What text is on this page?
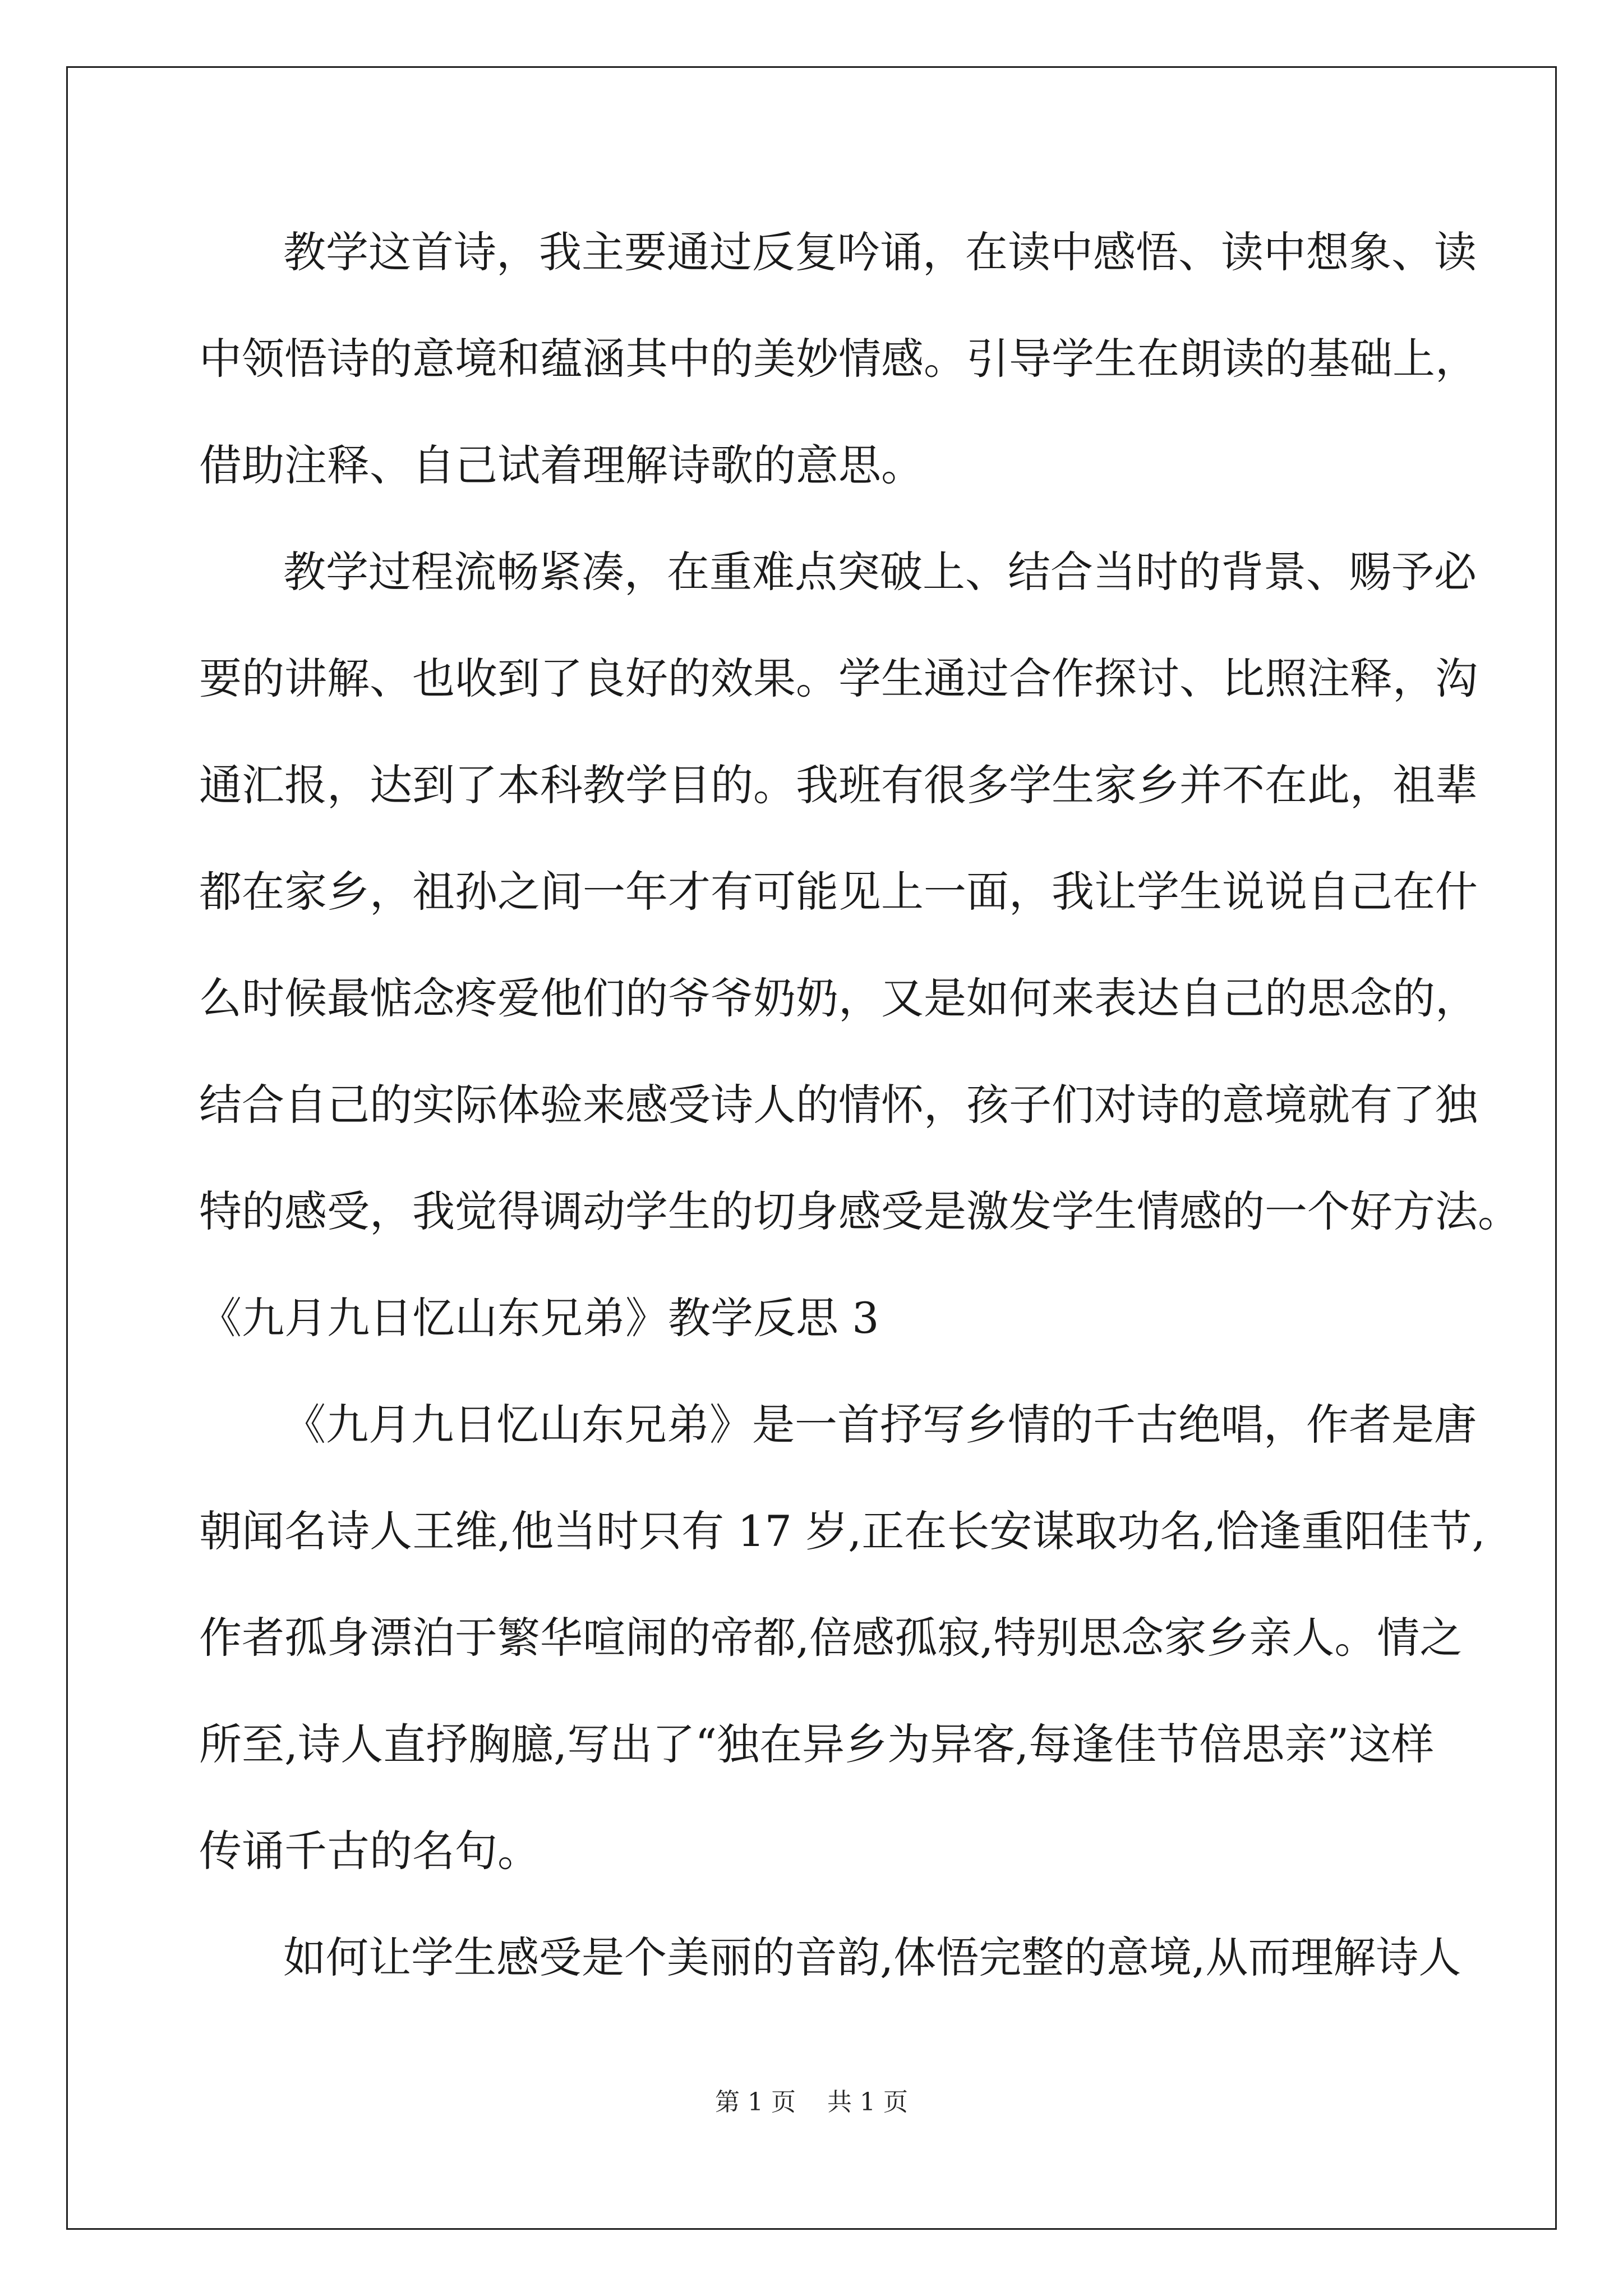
教学这首诗，我主要通过反复吟诵，在读中感悟、读中想象、读
中领悟诗的意境和蕴涵其中的美妙情感。引导学生在朗读的基础上，
借助注释、自己试着理解诗歌的意思。
教学过程流畅紧凑，在重难点突破上、结合当时的背景、赐予必
要的讲解、也收到了良好的效果。学生通过合作探讨、比照注释，沟
通汇报，达到了本科教学目的。我班有很多学生家乡并不在此，祖辈
都在家乡，祖孙之间一年才有可能见上一面，我让学生说说自己在什
么时候最惦念疼爱他们的爷爷奶奶，又是如何来表达自己的思念的，
结合自己的实际体验来感受诗人的情怀，孩子们对诗的意境就有了独
特的感受，我觉得调动学生的切身感受是激发学生情感的一个好方法。
《九月九日忆山东兄弟》教学反思 3
《九月九日忆山东兄弟》是一首抒写乡情的千古绝唱，作者是唐
朝闻名诗人王维,他当时只有 17 岁,正在长安谋取功名,恰逢重阳佳节,
作者孤身漂泊于繁华喧闹的帝都,倍感孤寂,特别思念家乡亲人。情之
所至,诗人直抒胸臆,写出了“独在异乡为异客,每逢佳节倍思亲”这样
传诵千古的名句。
如何让学生感受是个美丽的音韵,体悟完整的意境,从而理解诗人
第 1 页 共 1 页
